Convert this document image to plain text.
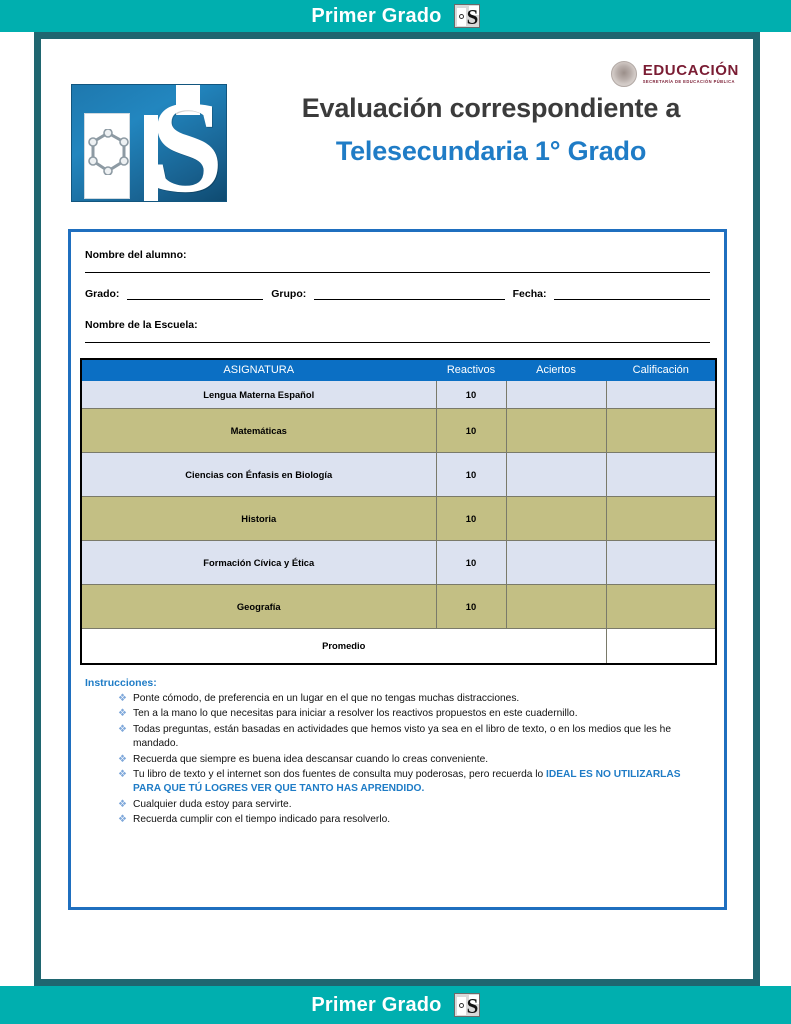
Primer Grado S
EDUCACIÓN
SECRETARÍA DE EDUCACIÓN PÚBLICA
S	Evaluación correspondiente a
Telesecundaria 1° Grado
Nombre del alumno:
Grado:	Grupo:	Fecha:
Nombre de la Escuela:
ASIGNATURA	Reactivos	Aciertos	Calificación
Lengua Materna Español	10		
Matemáticas	10		
Ciencias con Énfasis en Biología	10		
Historia	10		
Formación Cívica y Ética	10		
Geografía	10		
Promedio			
Instrucciones:
❖ Ponte cómodo, de preferencia en un lugar en el que no tengas muchas distracciones.
❖ Ten a la mano lo que necesitas para iniciar a resolver los reactivos propuestos en este cuadernillo.
❖ Todas preguntas, están basadas en actividades que hemos visto ya sea en el libro de texto, o en los medios que les he mandado.
❖ Recuerda que siempre es buena idea descansar cuando lo creas conveniente.
❖ Tu libro de texto y el internet son dos fuentes de consulta muy poderosas, pero recuerda lo IDEAL ES NO UTILIZARLAS PARA QUE TÚ LOGRES VER QUE TANTO HAS APRENDIDO.
❖ Cualquier duda estoy para servirte.
❖ Recuerda cumplir con el tiempo indicado para resolverlo.
Primer Grado S
